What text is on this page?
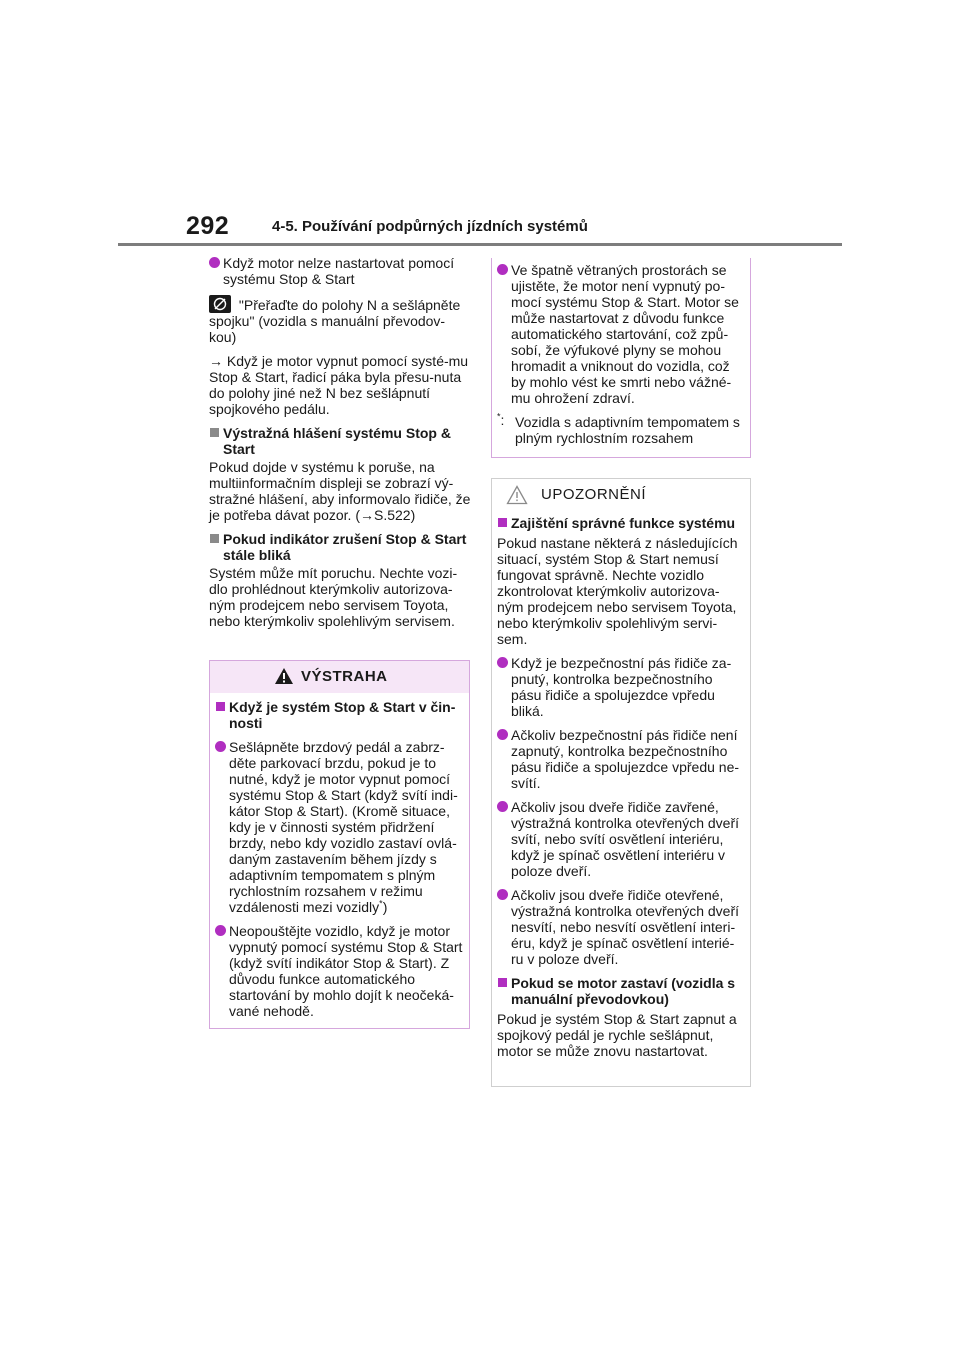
292	4-5. Používání podpůrných jízdních systémů
Když motor nelze nastartovat pomocí systému Stop & Start

"Přeřaďte do polohy N a sešlápněte spojku" (vozidla s manuální převodov-kou)

→ Když je motor vypnut pomocí systé-mu Stop & Start, řadicí páka byla přesu-nuta do polohy jiné než N bez sešlápnutí spojkového pedálu.

Výstražná hlášení systému Stop & Start

Pokud dojde v systému k poruše, na multiinformačním displeji se zobrazí vý-stražné hlášení, aby informovalo řidiče, že je potřeba dávat pozor. (→S.522)

Pokud indikátor zrušení Stop & Start stále bliká

Systém může mít poruchu. Nechte vozi-dlo prohlédnout kterýmkoliv autorizova-ným prodejcem nebo servisem Toyota, nebo kterýmkoliv spolehlivým servisem.

VÝSTRAHA
Když je systém Stop & Start v čin-nosti
Sešlápněte brzdový pedál a zabrz-děte parkovací brzdu, pokud je to nutné, když je motor vypnut pomocí systému Stop & Start (když svítí indi-kátor Stop & Start). (Kromě situace, kdy je v činnosti systém přidržení brzdy, nebo kdy vozidlo zastaví ovlá-daným zastavením během jízdy s adaptivním tempomatem s plným rychlostním rozsahem v režimu vzdálenosti mezi vozidly*)
Neopouštějte vozidlo, když je motor vypnutý pomocí systému Stop & Start (když svítí indikátor Stop & Start). Z důvodu funkce automatického startování by mohlo dojít k neočeká-vané nehodě.
Ve špatně větraných prostorách se ujistěte, že motor není vypnutý po-mocí systému Stop & Start. Motor se může nastartovat z důvodu funkce automatického startování, což způ-sobí, že výfukové plyny se mohou hromadit a vniknout do vozidla, což by mohlo vést ke smrti nebo vážné-mu ohrožení zdraví.
*: Vozidla s adaptivním tempomatem s plným rychlostním rozsahem
UPOZORNĚNÍ
Zajištění správné funkce systému

Pokud nastane některá z následujících situací, systém Stop & Start nemusí fungovat správně. Nechte vozidlo zkontrolovat kterýmkoliv autorizova-ným prodejcem nebo servisem Toyota, nebo kterýmkoliv spolehlivým servi-sem.

Když je bezpečnostní pás řidiče za-pnutý, kontrolka bezpečnostního pásu řidiče a spolujezdce vpředu bliká.
Ačkoliv bezpečnostní pás řidiče není zapnutý, kontrolka bezpečnostního pásu řidiče a spolujezdce vpředu ne-svítí.
Ačkoliv jsou dveře řidiče zavřené, výstražná kontrolka otevřených dveří svítí, nebo svítí osvětlení interiéru, když je spínač osvětlení interiéru v poloze dveří.
Ačkoliv jsou dveře řidiče otevřené, výstražná kontrolka otevřených dveří nesvítí, nebo nesvítí osvětlení interi-éru, když je spínač osvětlení interié-ru v poloze dveří.
Pokud se motor zastaví (vozidla s manuální převodovkou)

Pokud je systém Stop & Start zapnut a spojkový pedál je rychle sešlápnut, motor se může znovu nastartovat.
